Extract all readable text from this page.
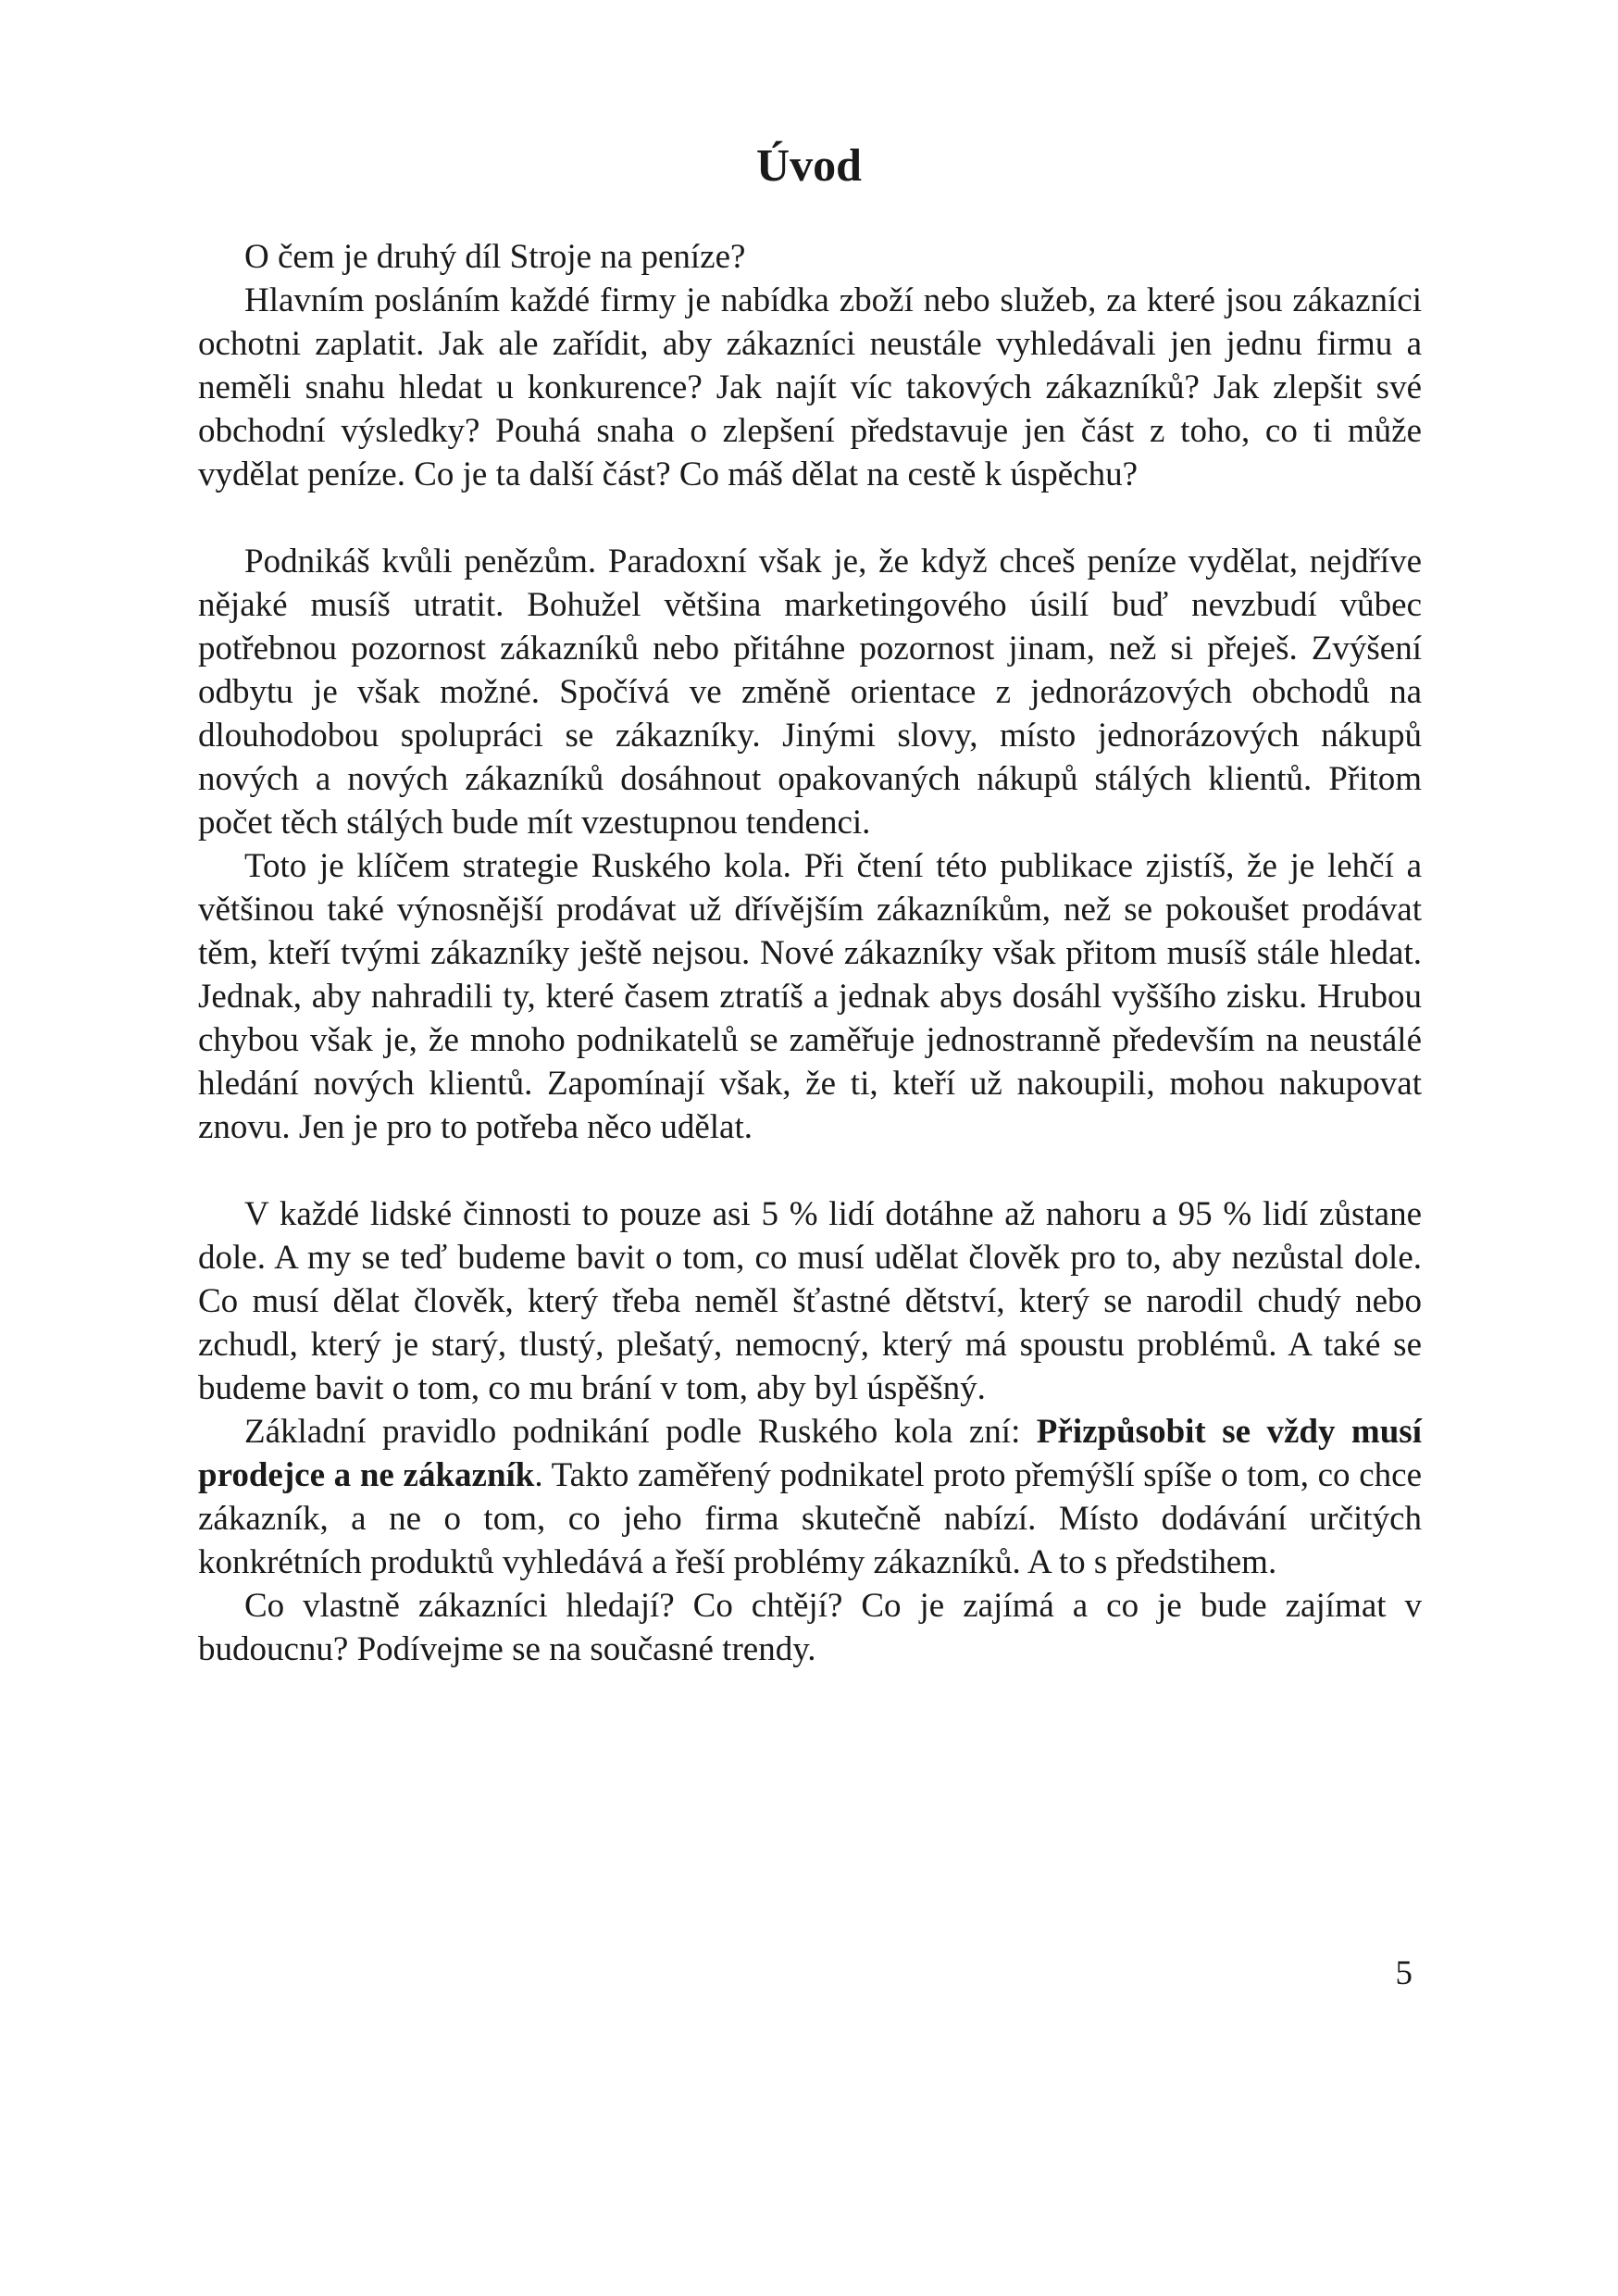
Úvod

O čem je druhý díl Stroje na peníze?

Hlavním posláním každé firmy je nabídka zboží nebo služeb, za které jsou zákazníci ochotni zaplatit. Jak ale zařídit, aby zákazníci neustále vyhledávali jen jednu firmu a neměli snahu hledat u konkurence? Jak najít víc takových zákazníků? Jak zlepšit své obchodní výsledky? Pouhá snaha o zlepšení představuje jen část z toho, co ti může vydělat peníze. Co je ta další část? Co máš dělat na cestě k úspěchu?

Podnikáš kvůli penězům. Paradoxní však je, že když chceš peníze vydělat, nejdříve nějaké musíš utratit. Bohužel většina marketingového úsilí buď nevzbudí vůbec potřebnou pozornost zákazníků nebo přitáhne pozornost jinam, než si přeješ. Zvýšení odbytu je však možné. Spočívá ve změně orientace z jednorázových obchodů na dlouhodobou spolupráci se zákazníky. Jinými slovy, místo jednorázových nákupů nových a nových zákazníků dosáhnout opakovaných nákupů stálých klientů. Přitom počet těch stálých bude mít vzestupnou tendenci.

Toto je klíčem strategie Ruského kola. Při čtení této publikace zjistíš, že je lehčí a většinou také výnosnější prodávat už dřívějším zákazníkům, než se pokoušet prodávat těm, kteří tvými zákazníky ještě nejsou. Nové zákazníky však přitom musíš stále hledat. Jednak, aby nahradili ty, které časem ztratíš a jednak abys dosáhl vyššího zisku. Hrubou chybou však je, že mnoho podnikatelů se zaměřuje jednostranně především na neustálé hledání nových klientů. Zapomínají však, že ti, kteří už nakoupili, mohou nakupovat znovu. Jen je pro to potřeba něco udělat.

V každé lidské činnosti to pouze asi 5 % lidí dotáhne až nahoru a 95 % lidí zůstane dole. A my se teď budeme bavit o tom, co musí udělat člověk pro to, aby nezůstal dole. Co musí dělat člověk, který třeba neměl šťastné dětství, který se narodil chudý nebo zchudl, který je starý, tlustý, plešatý, nemocný, který má spoustu problémů. A také se budeme bavit o tom, co mu brání v tom, aby byl úspěšný.

Základní pravidlo podnikání podle Ruského kola zní: Přizpůsobit se vždy musí prodejce a ne zákazník. Takto zaměřený podnikatel proto přemýšlí spíše o tom, co chce zákazník, a ne o tom, co jeho firma skutečně nabízí. Místo dodávání určitých konkrétních produktů vyhledává a řeší problémy zákazníků. A to s předstihem.

Co vlastně zákazníci hledají? Co chtějí? Co je zajímá a co je bude zajímat v budoucnu? Podívejme se na současné trendy.

5
